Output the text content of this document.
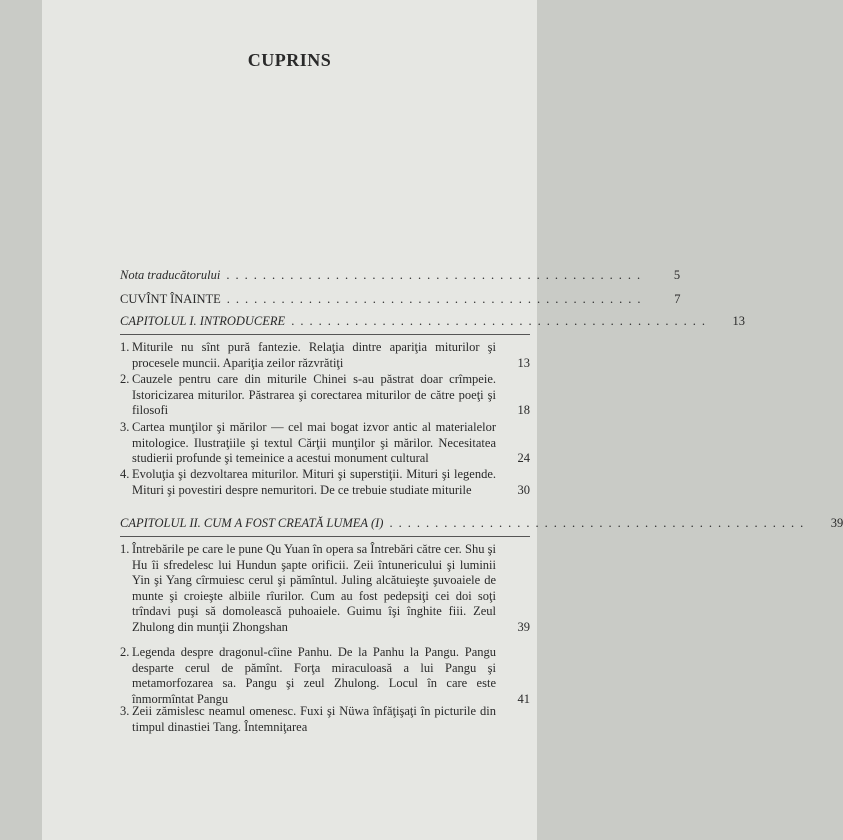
CUPRINS
Nota traducătorului ..............................................	5
CUVÎNT ÎNAINTE ..............................................	7
CAPITOLUL I. INTRODUCERE ..............................................	13
1. Miturile nu sînt pură fantezie. Relaţia dintre apariţia miturilor şi procesele muncii. Apariţia zeilor răzvrătiţi	13
2. Cauzele pentru care din miturile Chinei s-au păstrat doar crîmpeie. Istoricizarea miturilor. Păstrarea şi corectarea miturilor de către poeţi şi filosofi	18
3. Cartea munţilor şi mărilor — cel mai bogat izvor antic al materialelor mitologice. Ilustraţiile şi textul Cărţii munţilor şi mărilor. Necesitatea studierii profunde şi temeinice a acestui monument cultural	24
4. Evoluţia şi dezvoltarea miturilor. Mituri şi superstiţii. Mituri şi legende. Mituri şi povestiri despre nemuritori. De ce trebuie studiate miturile	30
CAPITOLUL II. CUM A FOST CREATĂ LUMEA (I) ..............................................	39
1. Întrebările pe care le pune Qu Yuan în opera sa Întrebări către cer. Shu şi Hu îi sfredelesc lui Hundun şapte orificii. Zeii întunericului şi luminii Yin şi Yang cîrmuiesc cerul şi pămîntul. Juling alcătuieşte şuvoaiele de munte şi croieşte albiile rîurilor. Cum au fost pedepsiţi cei doi soţi trîndavi puşi să domolească puhoaiele. Guimu îşi înghite fiii. Zeul Zhulong din munţii Zhongshan	39
2. Legenda despre dragonul-cîine Panhu. De la Panhu la Pangu. Pangu desparte cerul de pămînt. Forţa miraculoasă a lui Pangu şi metamorfozarea sa. Pangu şi zeul Zhulong. Locul în care este înmormîntat Pangu	41
3. Zeii zămislesc neamul omenesc. Fuxi şi Nüwa înfăţişaţi în picturile din timpul dinastiei Tang. Întemniţarea
